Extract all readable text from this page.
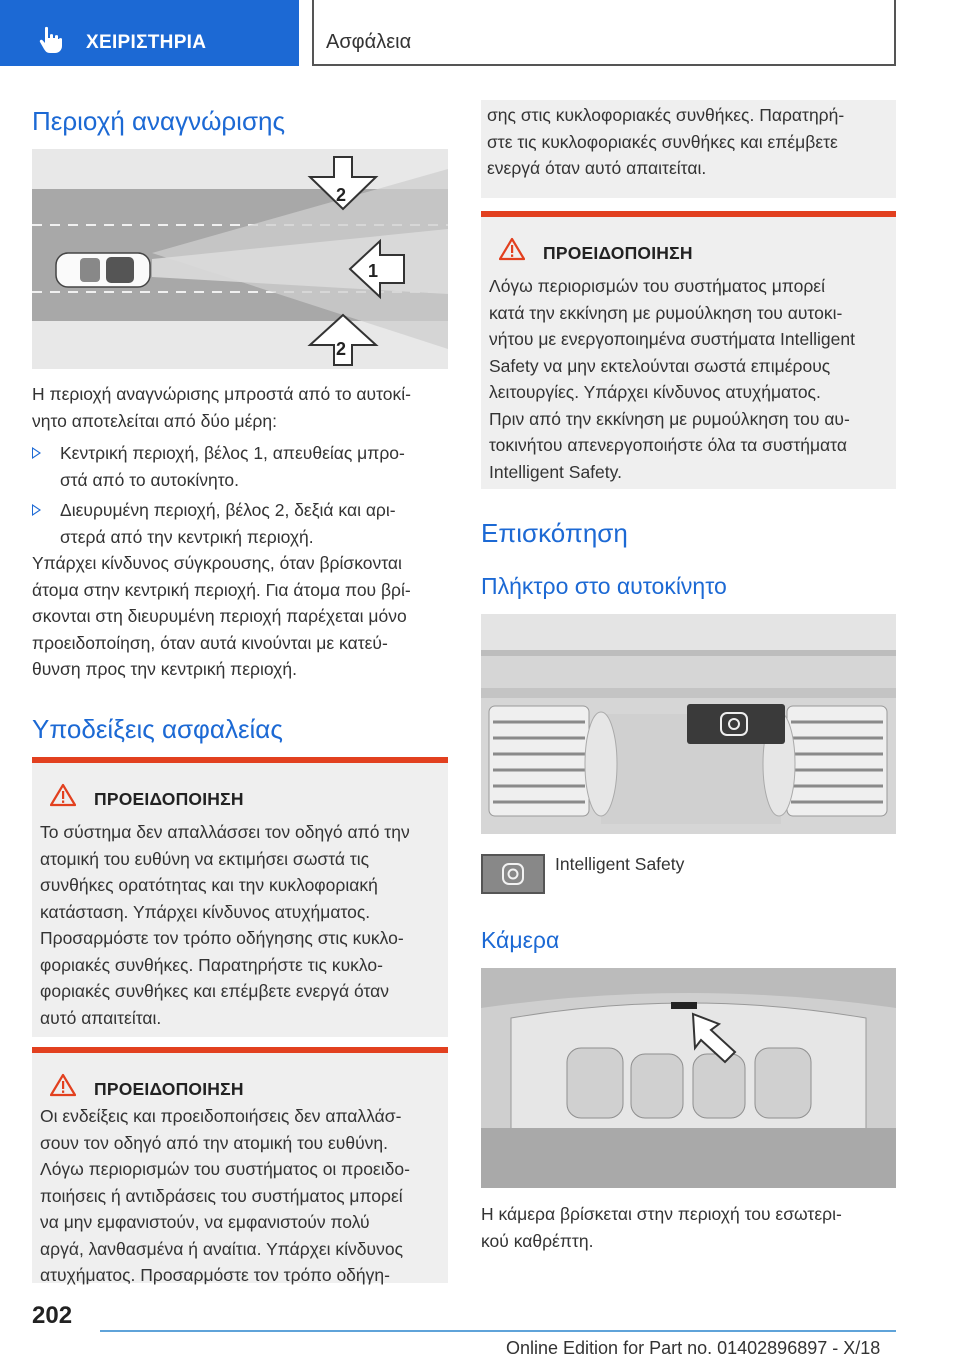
ΧΕΙΡΙΣΤΗΡΙΑ	Ασφάλεια
Περιοχή αναγνώρισης
2
1
2

Η περιοχή αναγνώρισης μπροστά από το αυτοκί-
νητο αποτελείται από δύο μέρη:

Κεντρική περιοχή, βέλος 1, απευθείας μπρο-
στά από το αυτοκίνητο.
Διευρυμένη περιοχή, βέλος 2, δεξιά και αρι-
στερά από την κεντρική περιοχή.

Υπάρχει κίνδυνος σύγκρουσης, όταν βρίσκονται
άτομα στην κεντρική περιοχή. Για άτομα που βρί-
σκονται στη διευρυμένη περιοχή παρέχεται μόνο
προειδοποίηση, όταν αυτά κινούνται με κατεύ-
θυνση προς την κεντρική περιοχή.

Υποδείξεις ασφαλείας
ΠΡΟΕΙΔΟΠΟΙΗΣΗ

Το σύστημα δεν απαλλάσσει τον οδηγό από την
ατομική του ευθύνη να εκτιμήσει σωστά τις
συνθήκες ορατότητας και την κυκλοφοριακή
κατάσταση. Υπάρχει κίνδυνος ατυχήματος.
Προσαρμόστε τον τρόπο οδήγησης στις κυκλο-
φοριακές συνθήκες. Παρατηρήστε τις κυκλο-
φοριακές συνθήκες και επέμβετε ενεργά όταν
αυτό απαιτείται.

ΠΡΟΕΙΔΟΠΟΙΗΣΗ

Οι ενδείξεις και προειδοποιήσεις δεν απαλλάσ-
σουν τον οδηγό από την ατομική του ευθύνη.
Λόγω περιορισμών του συστήματος οι προειδο-
ποιήσεις ή αντιδράσεις του συστήματος μπορεί
να μην εμφανιστούν, να εμφανιστούν πολύ
αργά, λανθασμένα ή αναίτια. Υπάρχει κίνδυνος
ατυχήματος. Προσαρμόστε τον τρόπο οδήγη-

σης στις κυκλοφοριακές συνθήκες. Παρατηρή-
στε τις κυκλοφοριακές συνθήκες και επέμβετε
ενεργά όταν αυτό απαιτείται.

ΠΡΟΕΙΔΟΠΟΙΗΣΗ

Λόγω περιορισμών του συστήματος μπορεί
κατά την εκκίνηση με ρυμούλκηση του αυτοκι-
νήτου με ενεργοποιημένα συστήματα Intelligent
Safety να μην εκτελούνται σωστά επιμέρους
λειτουργίες. Υπάρχει κίνδυνος ατυχήματος.
Πριν από την εκκίνηση με ρυμούλκηση του αυ-
τοκινήτου απενεργοποιήστε όλα τα συστήματα
Intelligent Safety.

Επισκόπηση
Πλήκτρο στο αυτοκίνητο
Intelligent Safety
Κάμερα

Η κάμερα βρίσκεται στην περιοχή του εσωτερι-
κού καθρέπτη.

202
Online Edition for Part no. 01402896897 - X/18
